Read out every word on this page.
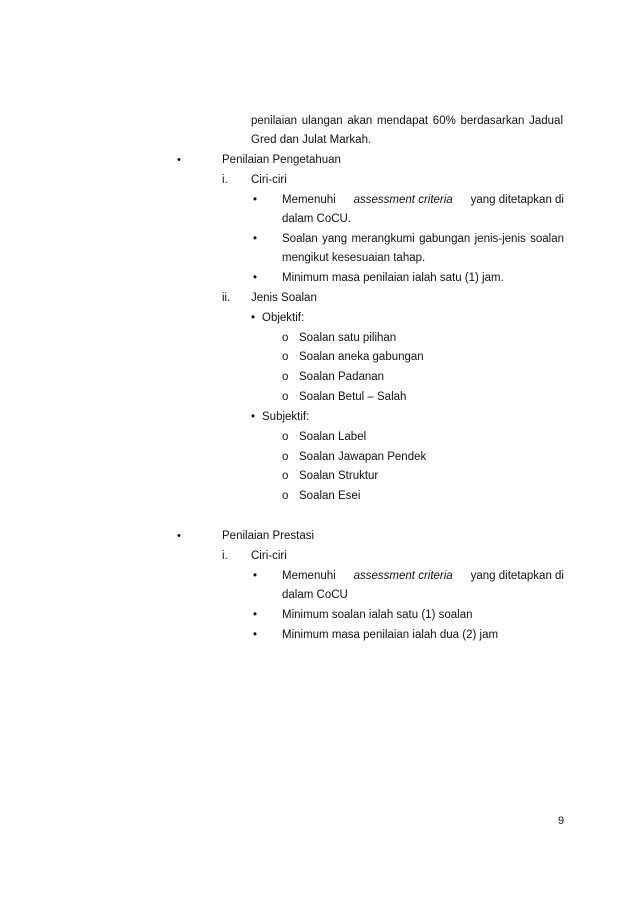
penilaian ulangan akan mendapat 60% berdasarkan Jadual
Gred dan Julat Markah.
•	Penilaian Pengetahuan
i. Ciri-ciri
• Memenuhi assessment criteria yang ditetapkan di
dalam CoCU.
• Soalan yang merangkumi gabungan jenis-jenis soalan
mengikut kesesuaian tahap.
• Minimum masa penilaian ialah satu (1) jam.
ii. Jenis Soalan
• Objektif:
o Soalan satu pilihan
o Soalan aneka gabungan
o Soalan Padanan
o Soalan Betul – Salah
• Subjektif:
o Soalan Label
o Soalan Jawapan Pendek
o Soalan Struktur
o Soalan Esei
•	Penilaian Prestasi
i. Ciri-ciri
• Memenuhi assessment criteria yang ditetapkan di
dalam CoCU
• Minimum soalan ialah satu (1) soalan
• Minimum masa penilaian ialah dua (2) jam
9
